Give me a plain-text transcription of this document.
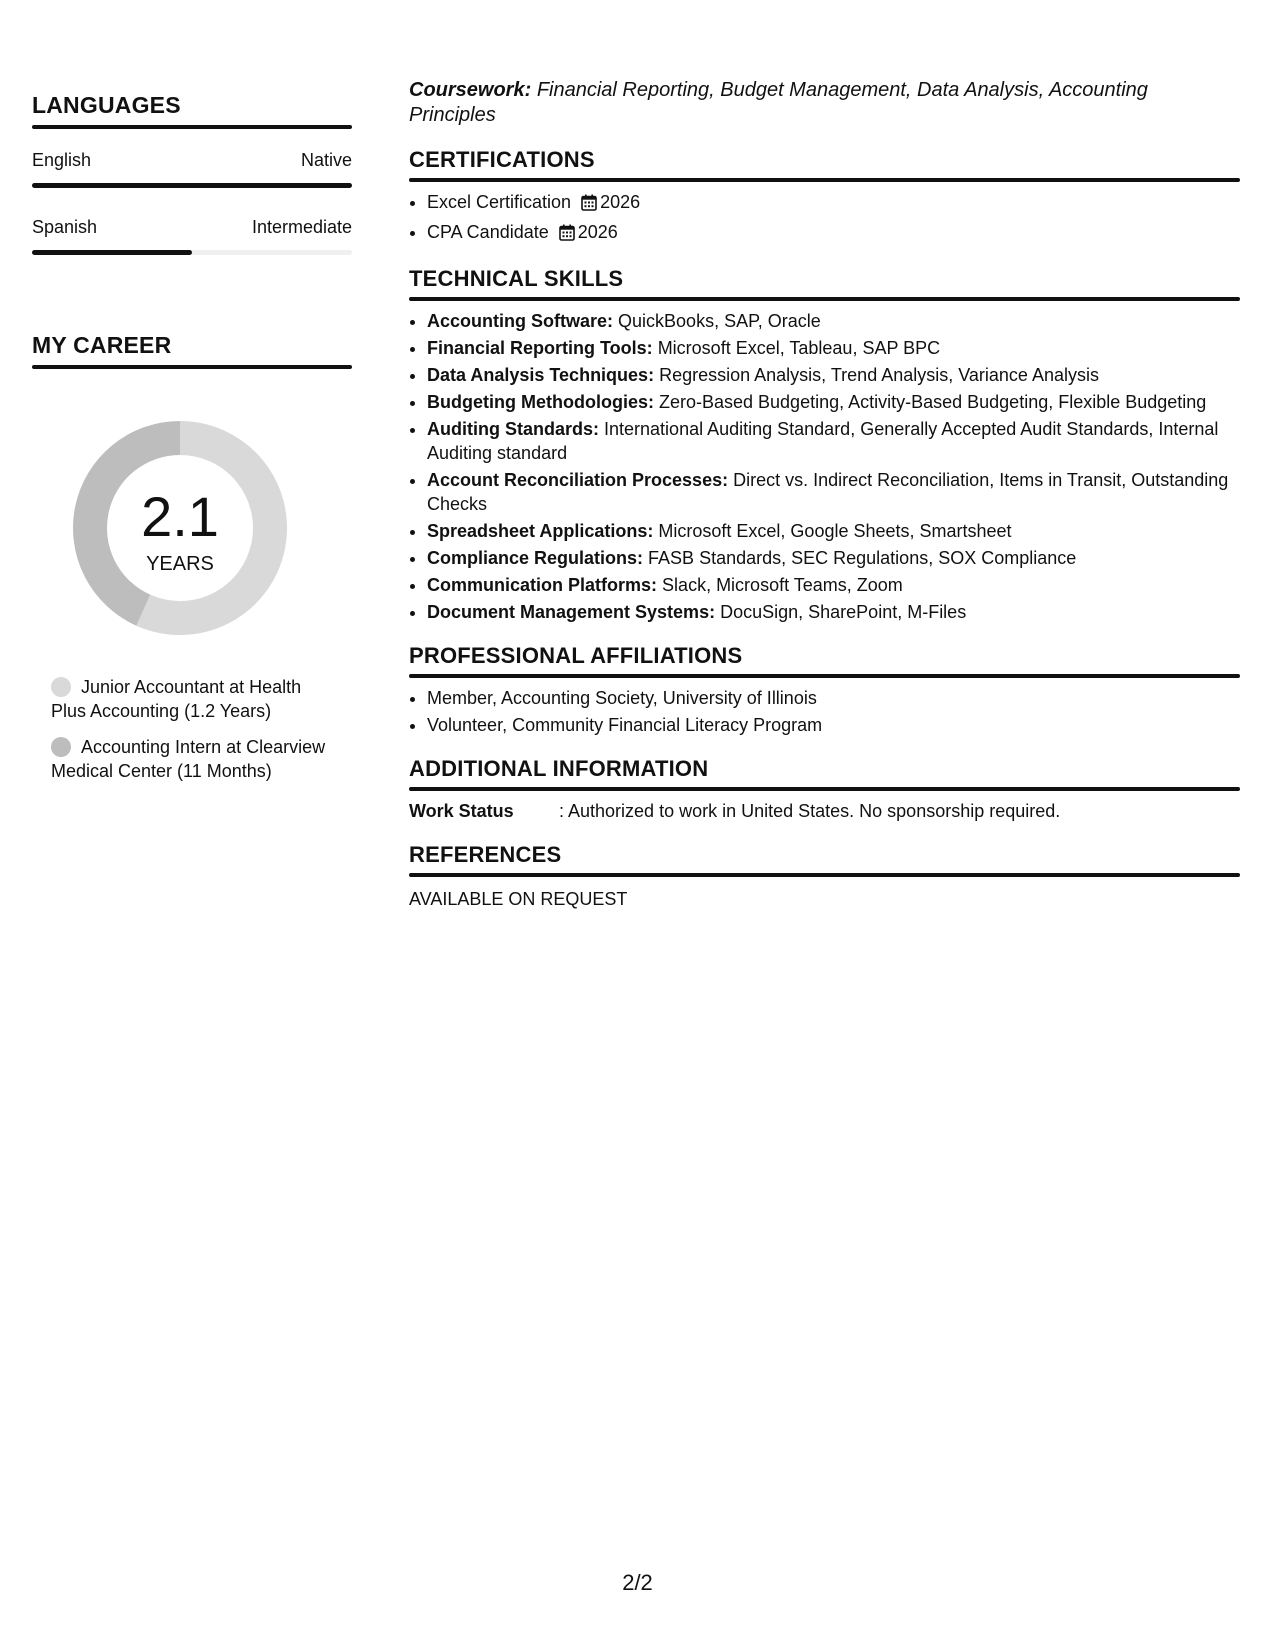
LANGUAGES
English	Native
Spanish	Intermediate
MY CAREER
2.1
YEARS
Junior Accountant at Health Plus Accounting (1.2 Years)
Accounting Intern at Clearview Medical Center (11 Months)

Coursework: Financial Reporting, Budget Management, Data Analysis, Accounting Principles

CERTIFICATIONS
• Excel Certification 2026
• CPA Candidate 2026
TECHNICAL SKILLS
• Accounting Software: QuickBooks, SAP, Oracle
• Financial Reporting Tools: Microsoft Excel, Tableau, SAP BPC
• Data Analysis Techniques: Regression Analysis, Trend Analysis, Variance Analysis
• Budgeting Methodologies: Zero-Based Budgeting, Activity-Based Budgeting, Flexible Budgeting
• Auditing Standards: International Auditing Standard, Generally Accepted Audit Standards, Internal Auditing standard
• Account Reconciliation Processes: Direct vs. Indirect Reconciliation, Items in Transit, Outstanding Checks
• Spreadsheet Applications: Microsoft Excel, Google Sheets, Smartsheet
• Compliance Regulations: FASB Standards, SEC Regulations, SOX Compliance
• Communication Platforms: Slack, Microsoft Teams, Zoom
• Document Management Systems: DocuSign, SharePoint, M-Files
PROFESSIONAL AFFILIATIONS
• Member, Accounting Society, University of Illinois
• Volunteer, Community Financial Literacy Program
ADDITIONAL INFORMATION
Work Status	: Authorized to work in United States. No sponsorship required.
REFERENCES
AVAILABLE ON REQUEST
2/2
